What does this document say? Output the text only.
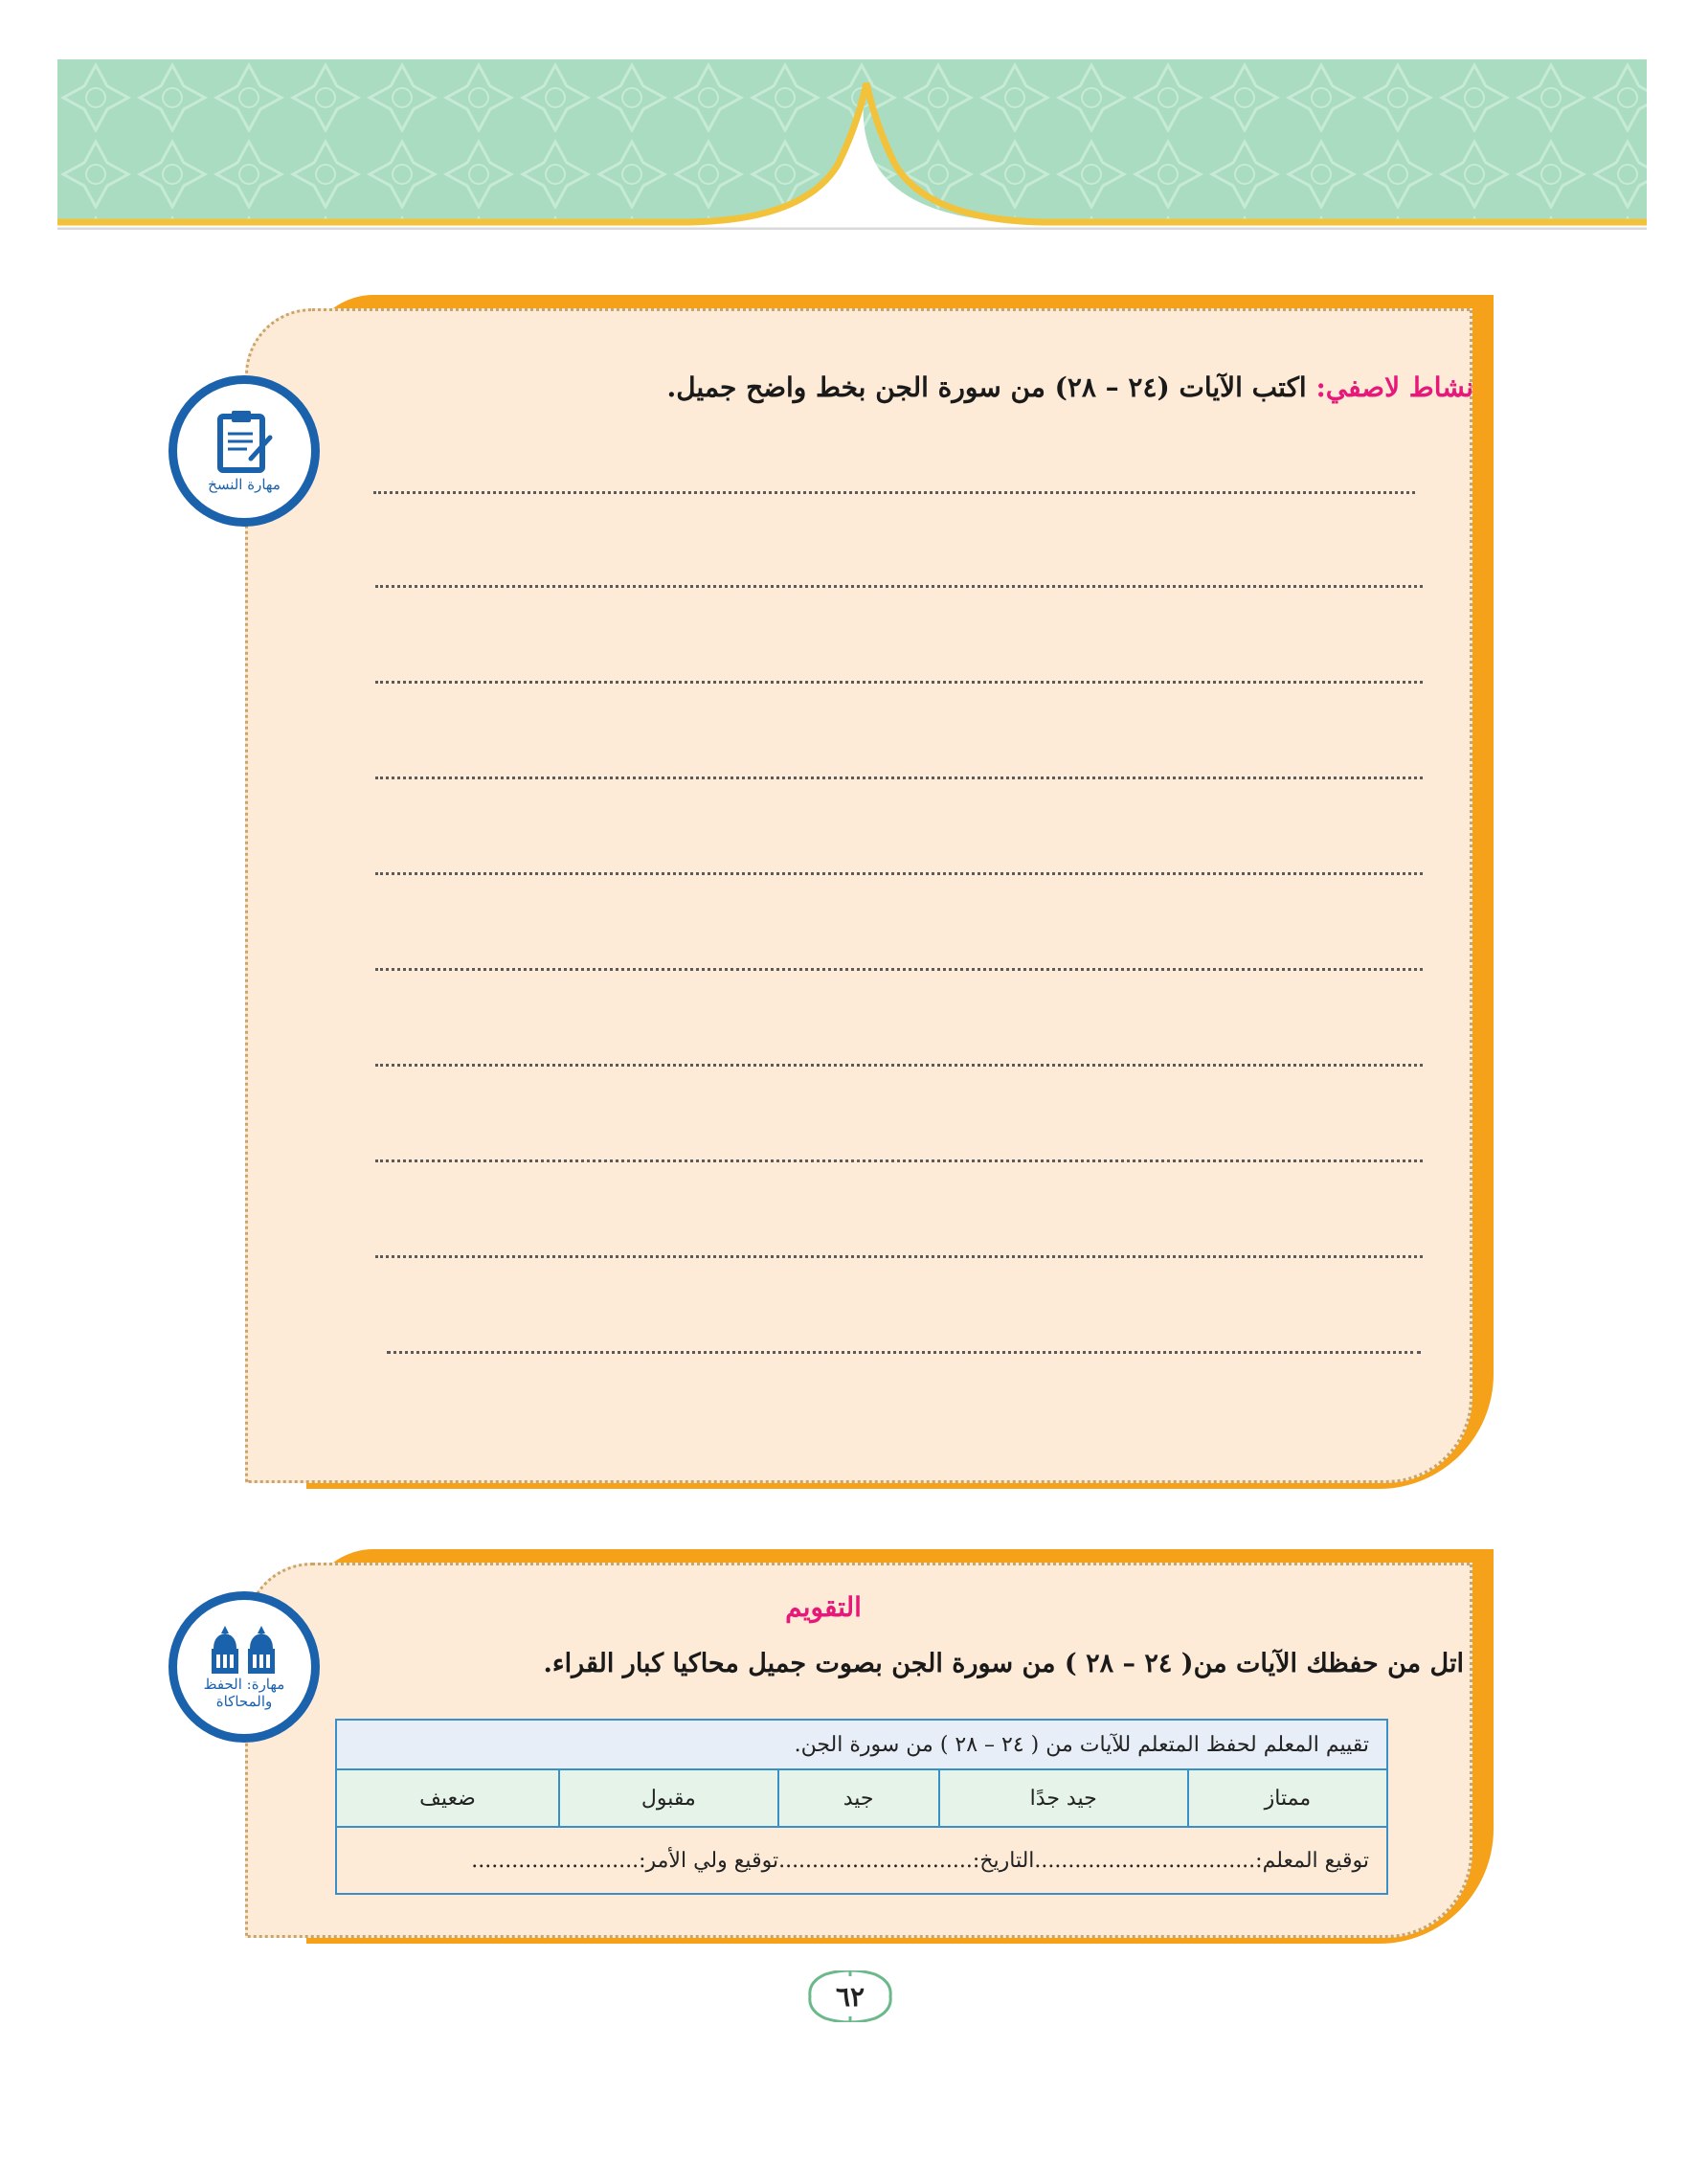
مهارة النسخ
نشاط لاصفي: اكتب الآيات (٢٤ – ٢٨) من سورة الجن بخط واضح جميل.
مهارة: الحفظ والمحاكاة
التقويم
اتل من حفظك الآيات من( ٢٤ – ٢٨ ) من سورة الجن بصوت جميل محاكيا كبار القراء.
تقييم المعلم لحفظ المتعلم للآيات من ( ٢٤ – ٢٨ ) من سورة الجن.
ممتاز	جيد جدًا	جيد	مقبول	ضعيف
توقيع المعلم:.................................التاريخ:.............................توقيع ولي الأمر:.........................
٦٢
